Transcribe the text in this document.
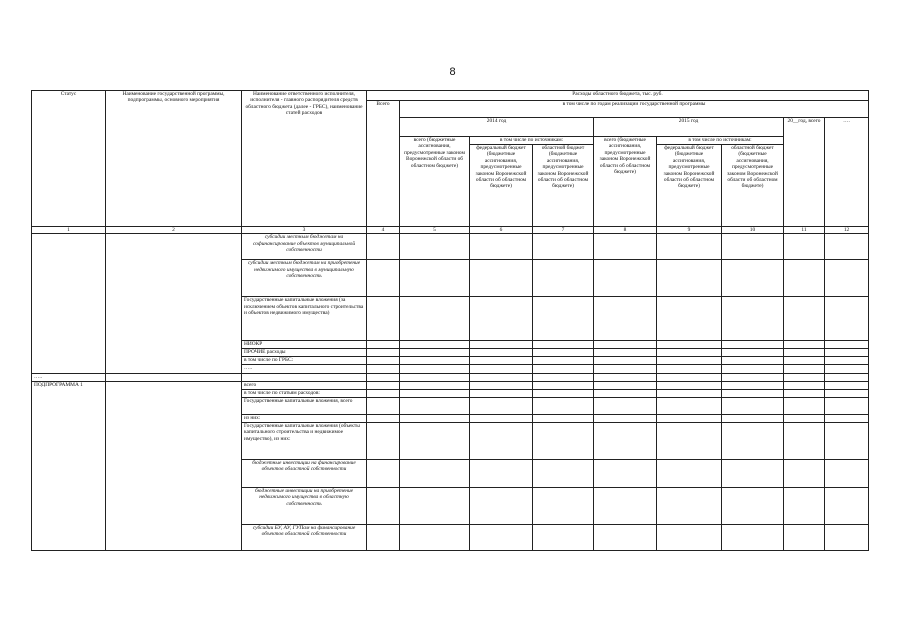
8
Статус	Наименование государственной программы, подпрограммы, основного мероприятия	Наименование ответственного исполнителя, исполнителя - главного распорядителя средств областного бюджета (далее - ГРБС), наименование статей расходов	Расходы областного бюджета, тыс. руб.								
			Всего	в том числе по годам реализации государственной программы							
				2014 год			2015 год			20__год, всего	….
				всего (бюджетные ассигнования, предусмотренные законом Воронежской области об областном бюджете)	в том числе по источникам:		всего (бюджетные ассигнования, предусмотренные законом Воронежской области об областном бюджете)	в том числе по источникам:			
					федеральный бюджет (бюджетные ассигнования, предусмотренные законом Воронежской области об областном бюджете)	областной бюджет (бюджетные ассигнования, предусмотренные законом Воронежской области об областном бюджете)		федеральный бюджет (бюджетные ассигнования, предусмотренные законом Воронежской области об областном бюджете)	областной бюджет (бюджетные ассигнования, предусмотренные законом Воронежской области об областном бюджете)		
1	2	3	4	5	6	7	8	9	10	11	12
		субсидии местным бюджетам на софинансирование объектов муниципальной собственности									
		субсидии местным бюджетам на приобретение недвижимого имущества в муниципальную собственность									
		Государственные капитальные вложения (за исключением объектов капитального строительства и объектов недвижимого имущества)									
		НИОКР									
		ПРОЧИЕ расходы									
		в том числе по ГРБС:									
		…..									
…..											
ПОДПРОГРАММА 1		всего									
		в том числе по статьям расходов:									
		Государственные капитальные вложения, всего									
		из них:									
		Государственные капитальные вложения (объекты капитального строительства и недвижимое имущество), из них:									
		бюджетные инвестиции на финансирование объектов областной собственности									
		бюджетные инвестиции на приобретение недвижимого имущества в областную собственность									
		субсидии БУ, АУ, ГУПам на финансирование объектов областной собственности									
